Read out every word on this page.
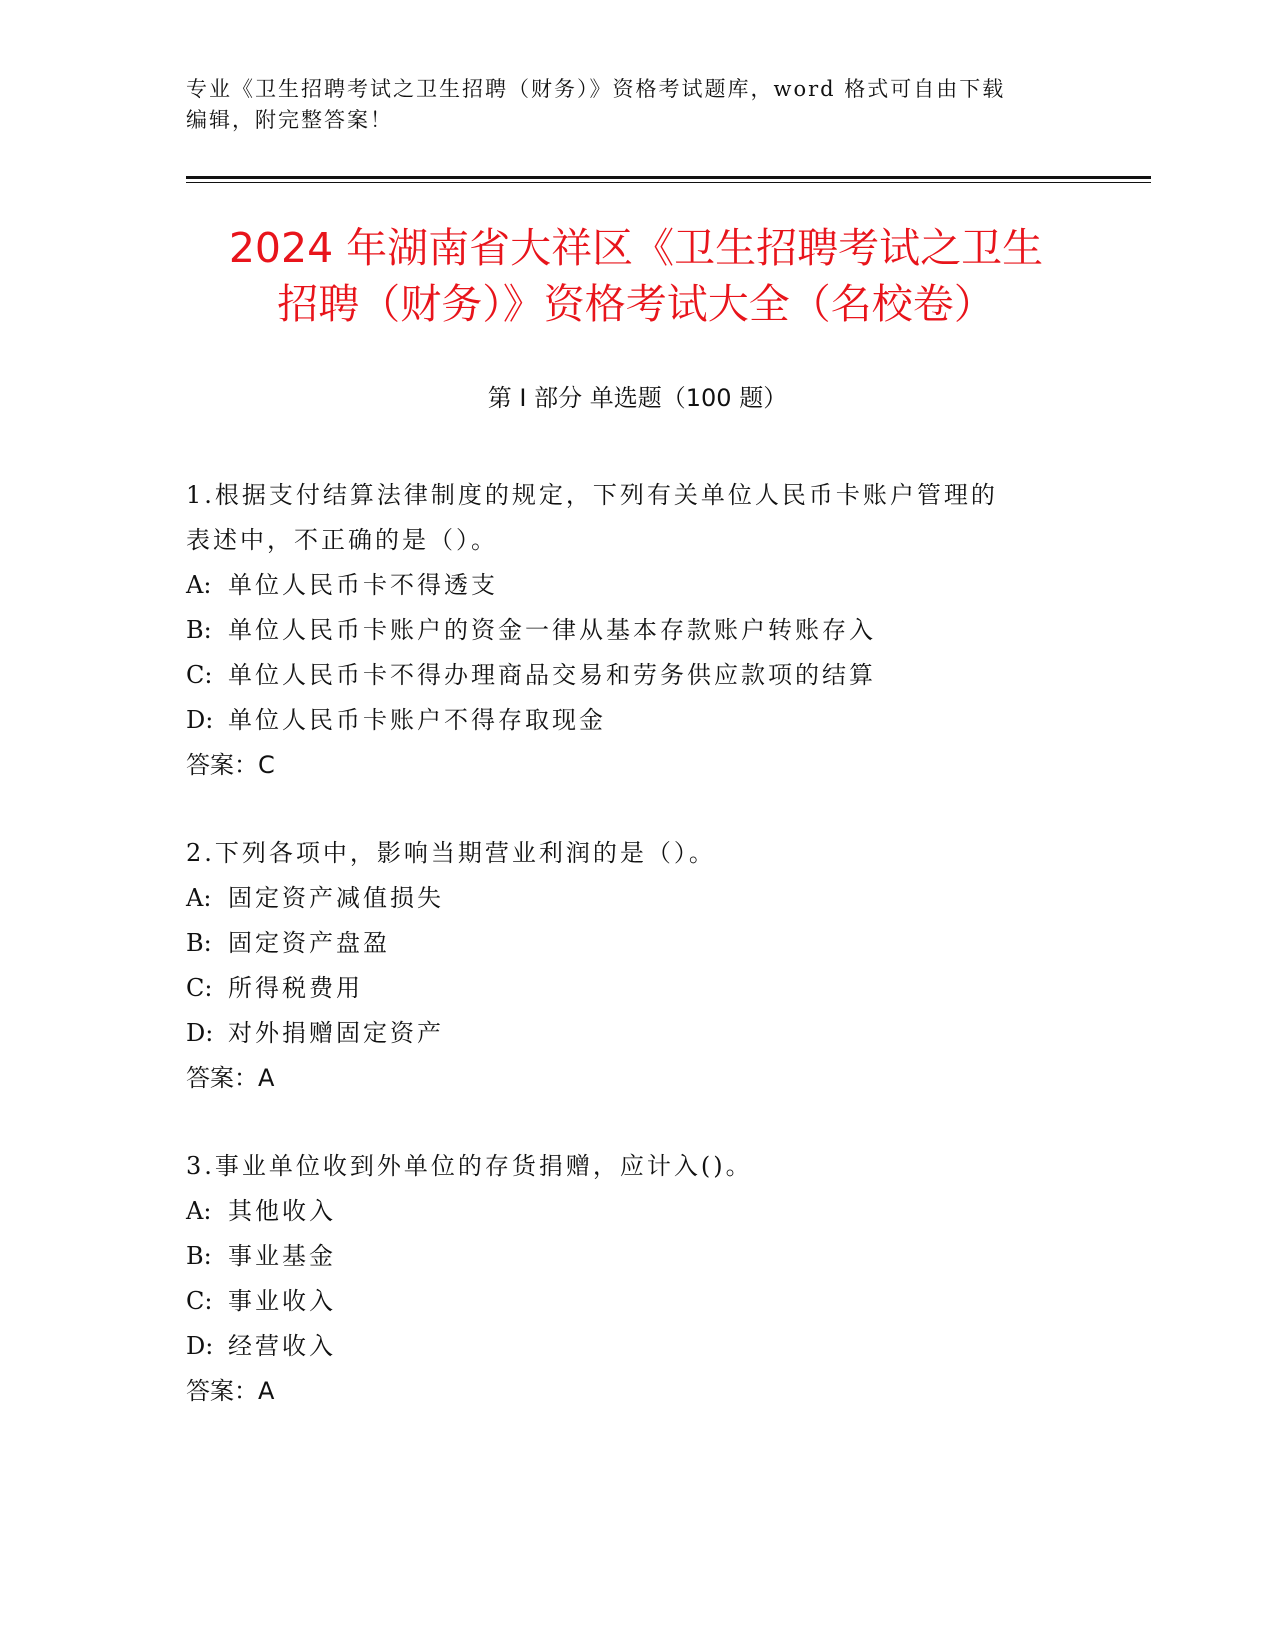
专业《卫生招聘考试之卫生招聘（财务）》资格考试题库，word 格式可自由下载
编辑，附完整答案！
2024 年湖南省大祥区《卫生招聘考试之卫生
招聘（财务）》资格考试大全（名校卷）
第 I 部分 单选题（100 题）

1.根据支付结算法律制度的规定，下列有关单位人民币卡账户管理的

表述中，不正确的是（）。

A: 单位人民币卡不得透支

B: 单位人民币卡账户的资金一律从基本存款账户转账存入

C: 单位人民币卡不得办理商品交易和劳务供应款项的结算

D: 单位人民币卡账户不得存取现金

答案：C

2.下列各项中，影响当期营业利润的是（）。

A: 固定资产减值损失

B: 固定资产盘盈

C: 所得税费用

D: 对外捐赠固定资产

答案：A

3.事业单位收到外单位的存货捐赠，应计入()。

A: 其他收入

B: 事业基金

C: 事业收入

D: 经营收入

答案：A
